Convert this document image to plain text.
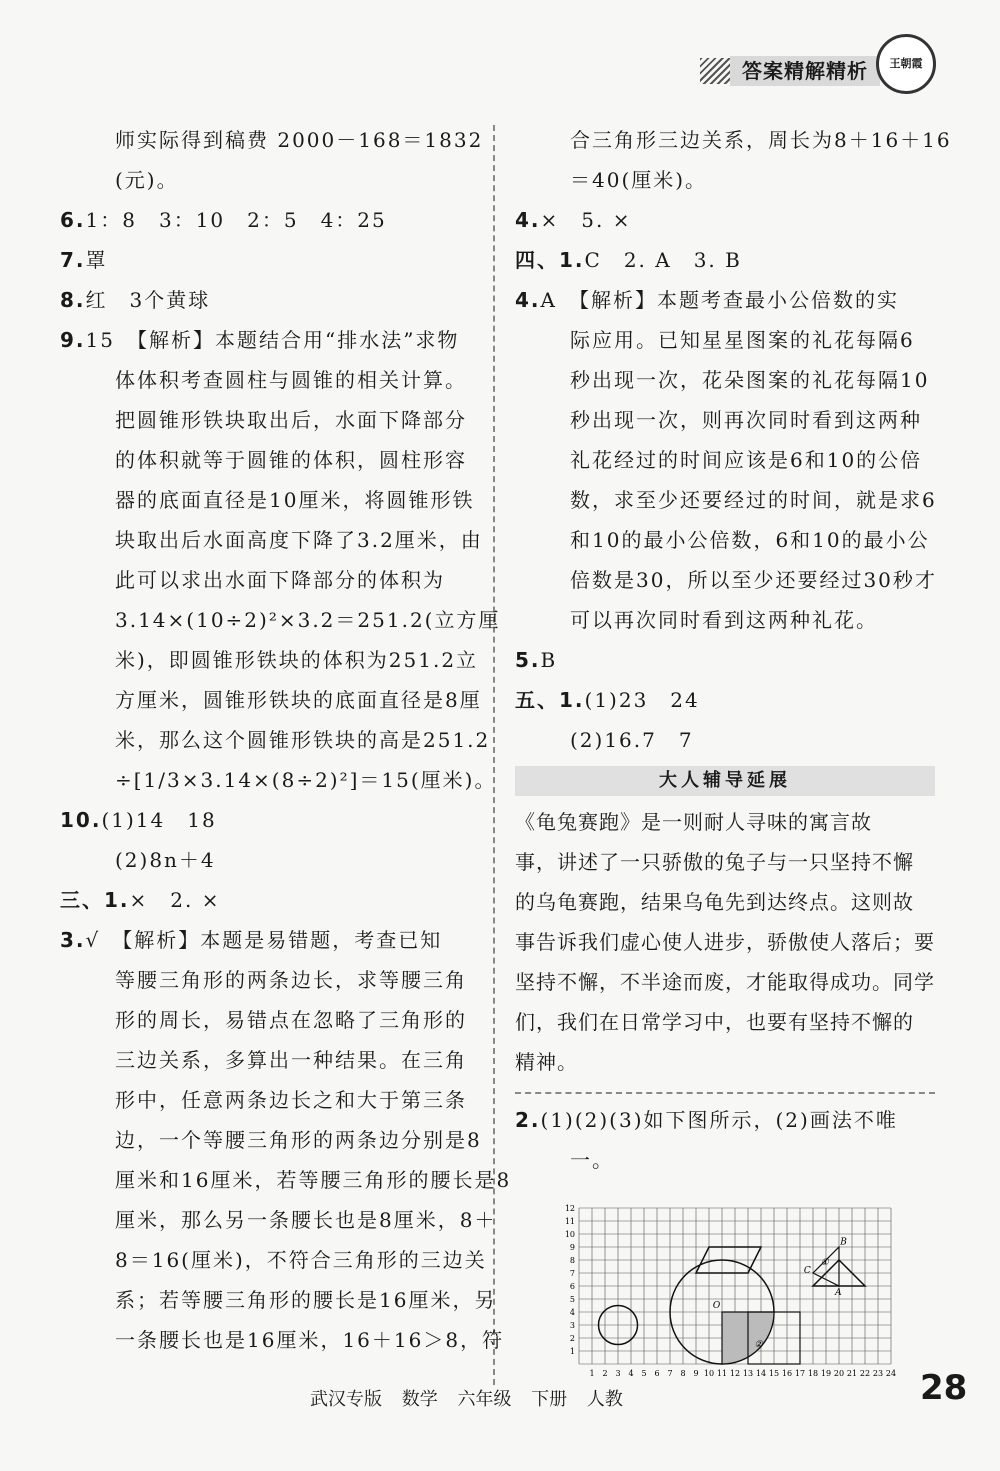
答案精解精析	王朝霞
师实际得到稿费 2000－168＝1832
(元)。
6.1：8　3：10　2：5　4：25
7.罩
8.红　3个黄球
9.15　【解析】本题结合用“排水法”求物
体体积考查圆柱与圆锥的相关计算。
把圆锥形铁块取出后，水面下降部分
的体积就等于圆锥的体积，圆柱形容
器的底面直径是10厘米，将圆锥形铁
块取出后水面高度下降了3.2厘米，由
此可以求出水面下降部分的体积为
3.14×(10÷2)²×3.2＝251.2(立方厘
米)，即圆锥形铁块的体积为251.2立
方厘米，圆锥形铁块的底面直径是8厘
米，那么这个圆锥形铁块的高是251.2
÷[1/3×3.14×(8÷2)²]＝15(厘米)。
10.(1)14　18
(2)8n＋4
三、1.×　2. ×
3.√　【解析】本题是易错题，考查已知
等腰三角形的两条边长，求等腰三角
形的周长，易错点在忽略了三角形的
三边关系，多算出一种结果。在三角
形中，任意两条边长之和大于第三条
边，一个等腰三角形的两条边分别是8
厘米和16厘米，若等腰三角形的腰长是8
厘米，那么另一条腰长也是8厘米，8＋
8＝16(厘米)，不符合三角形的三边关
系；若等腰三角形的腰长是16厘米，另
一条腰长也是16厘米，16＋16＞8，符
合三角形三边关系，周长为8＋16＋16
＝40(厘米)。
4.×　5. ×
四、1.C　2. A　3. B
4.A　【解析】本题考查最小公倍数的实
际应用。已知星星图案的礼花每隔6
秒出现一次，花朵图案的礼花每隔10
秒出现一次，则再次同时看到这两种
礼花经过的时间应该是6和10的公倍
数，求至少还要经过的时间，就是求6
和10的最小公倍数，6和10的最小公
倍数是30，所以至少还要经过30秒才
可以再次同时看到这两种礼花。
5.B
五、1.(1)23　24
(2)16.7　7
大人辅导延展
《龟兔赛跑》是一则耐人寻味的寓言故
事，讲述了一只骄傲的兔子与一只坚持不懈
的乌龟赛跑，结果乌龟先到达终点。这则故
事告诉我们虚心使人进步，骄傲使人落后；要
坚持不懈，不半途而废，才能取得成功。同学
们，我们在日常学习中，也要有坚持不懈的
精神。
2.(1)(2)(3)如下图所示，(2)画法不唯
一。
1 2 3 4 5 6 7 8 9 10 11 12 13 14 15 16 17 18 19 20 21 22 23 24
1
2
3
4
5
6
7
8
9
10
11
12
O
A
B
C
①
②
武汉专版 数学 六年级 下册 人教	28
